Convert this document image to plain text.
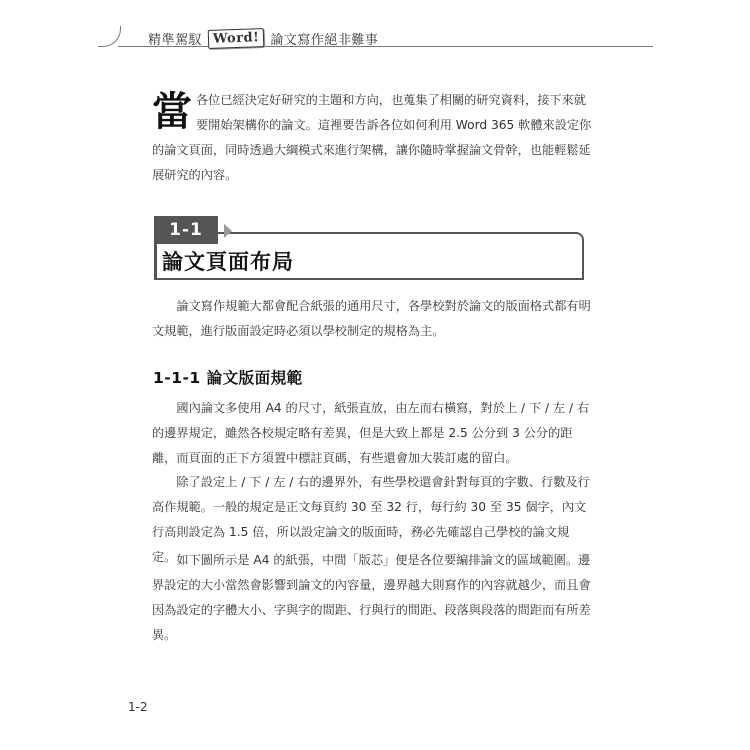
精準駕馭 Word! 論文寫作絕非難事
當 各位已經決定好研究的主題和方向，也蒐集了相關的研究資料，接下來就要開始架構你的論文。這裡要告訴各位如何利用 Word 365 軟體來設定你的論文頁面，同時透過大綱模式來進行架構，讓你隨時掌握論文骨幹，也能輕鬆延展研究的內容。
1-1
論文頁面布局
論文寫作規範大都會配合紙張的通用尺寸，各學校對於論文的版面格式都有明文規範，進行版面設定時必須以學校制定的規格為主。
1-1-1 論文版面規範
國內論文多使用 A4 的尺寸，紙張直放，由左而右橫寫，對於上 / 下 / 左 / 右的邊界規定，雖然各校規定略有差異，但是大致上都是 2.5 公分到 3 公分的距離，而頁面的正下方須置中標註頁碼，有些還會加大裝訂處的留白。
除了設定上 / 下 / 左 / 右的邊界外，有些學校還會針對每頁的字數、行數及行高作規範。一般的規定是正文每頁約 30 至 32 行，每行約 30 至 35 個字，內文行高則設定為 1.5 倍，所以設定論文的版面時，務必先確認自己學校的論文規定。 如下圖所示是 A4 的紙張，中間「版芯」便是各位要編排論文的區域範圍。邊界設定的大小當然會影響到論文的內容量，邊界越大則寫作的內容就越少，而且會因為設定的字體大小、字與字的間距、行與行的間距、段落與段落的間距而有所差異。
1-2
